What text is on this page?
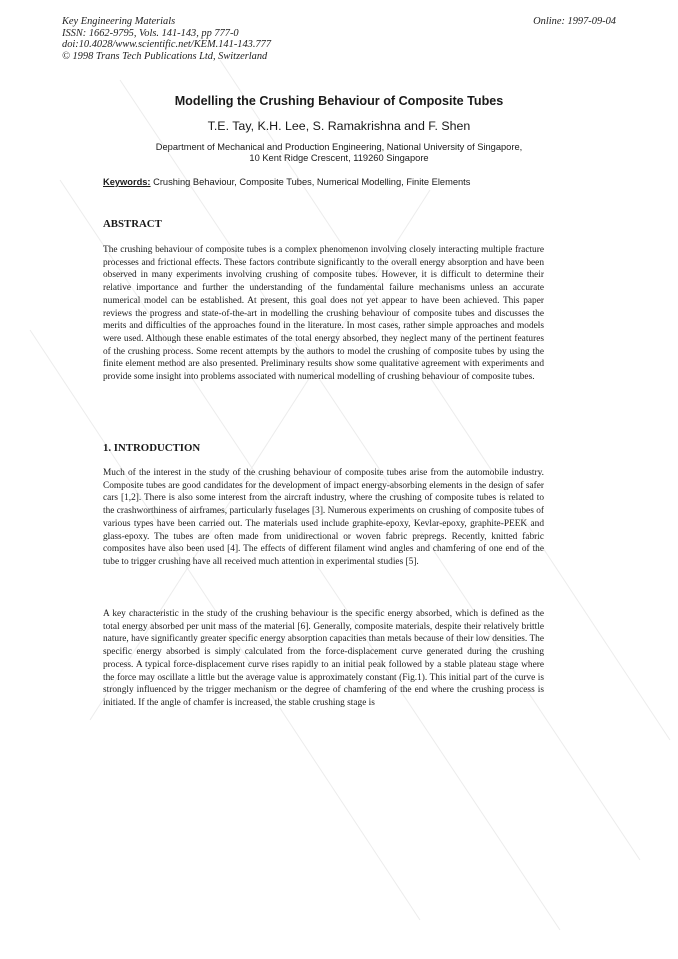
Key Engineering Materials
ISSN: 1662-9795, Vols. 141-143, pp 777-0
doi:10.4028/www.scientific.net/KEM.141-143.777
© 1998 Trans Tech Publications Ltd, Switzerland
Online: 1997-09-04
Modelling the Crushing Behaviour of Composite Tubes
T.E. Tay, K.H. Lee, S. Ramakrishna and F. Shen
Department of Mechanical and Production Engineering, National University of Singapore,
10 Kent Ridge Crescent, 119260 Singapore
Keywords: Crushing Behaviour, Composite Tubes, Numerical Modelling, Finite Elements
ABSTRACT

The crushing behaviour of composite tubes is a complex phenomenon involving closely interacting multiple fracture processes and frictional effects. These factors contribute significantly to the overall energy absorption and have been observed in many experiments involving crushing of composite tubes. However, it is difficult to determine their relative importance and further the understanding of the fundamental failure mechanisms unless an accurate numerical model can be established. At present, this goal does not yet appear to have been achieved. This paper reviews the progress and state-of-the-art in modelling the crushing behaviour of composite tubes and discusses the merits and difficulties of the approaches found in the literature. In most cases, rather simple approaches and models were used. Although these enable estimates of the total energy absorbed, they neglect many of the pertinent features of the crushing process. Some recent attempts by the authors to model the crushing of composite tubes by using the finite element method are also presented. Preliminary results show some qualitative agreement with experiments and provide some insight into problems associated with numerical modelling of crushing behaviour of composite tubes.

1. INTRODUCTION

Much of the interest in the study of the crushing behaviour of composite tubes arise from the automobile industry. Composite tubes are good candidates for the development of impact energy-absorbing elements in the design of safer cars [1,2]. There is also some interest from the aircraft industry, where the crushing of composite tubes is related to the crashworthiness of airframes, particularly fuselages [3]. Numerous experiments on crushing of composite tubes of various types have been carried out. The materials used include graphite-epoxy, Kevlar-epoxy, graphite-PEEK and glass-epoxy. The tubes are often made from unidirectional or woven fabric prepregs. Recently, knitted fabric composites have also been used [4]. The effects of different filament wind angles and chamfering of one end of the tube to trigger crushing have all received much attention in experimental studies [5].

A key characteristic in the study of the crushing behaviour is the specific energy absorbed, which is defined as the total energy absorbed per unit mass of the material [6]. Generally, composite materials, despite their relatively brittle nature, have significantly greater specific energy absorption capacities than metals because of their low densities. The specific energy absorbed is simply calculated from the force-displacement curve generated during the crushing process. A typical force-displacement curve rises rapidly to an initial peak followed by a stable plateau stage where the force may oscillate a little but the average value is approximately constant (Fig.1). This initial part of the curve is strongly influenced by the trigger mechanism or the degree of chamfering of the end where the crushing process is initiated. If the angle of chamfer is increased, the stable crushing stage is
